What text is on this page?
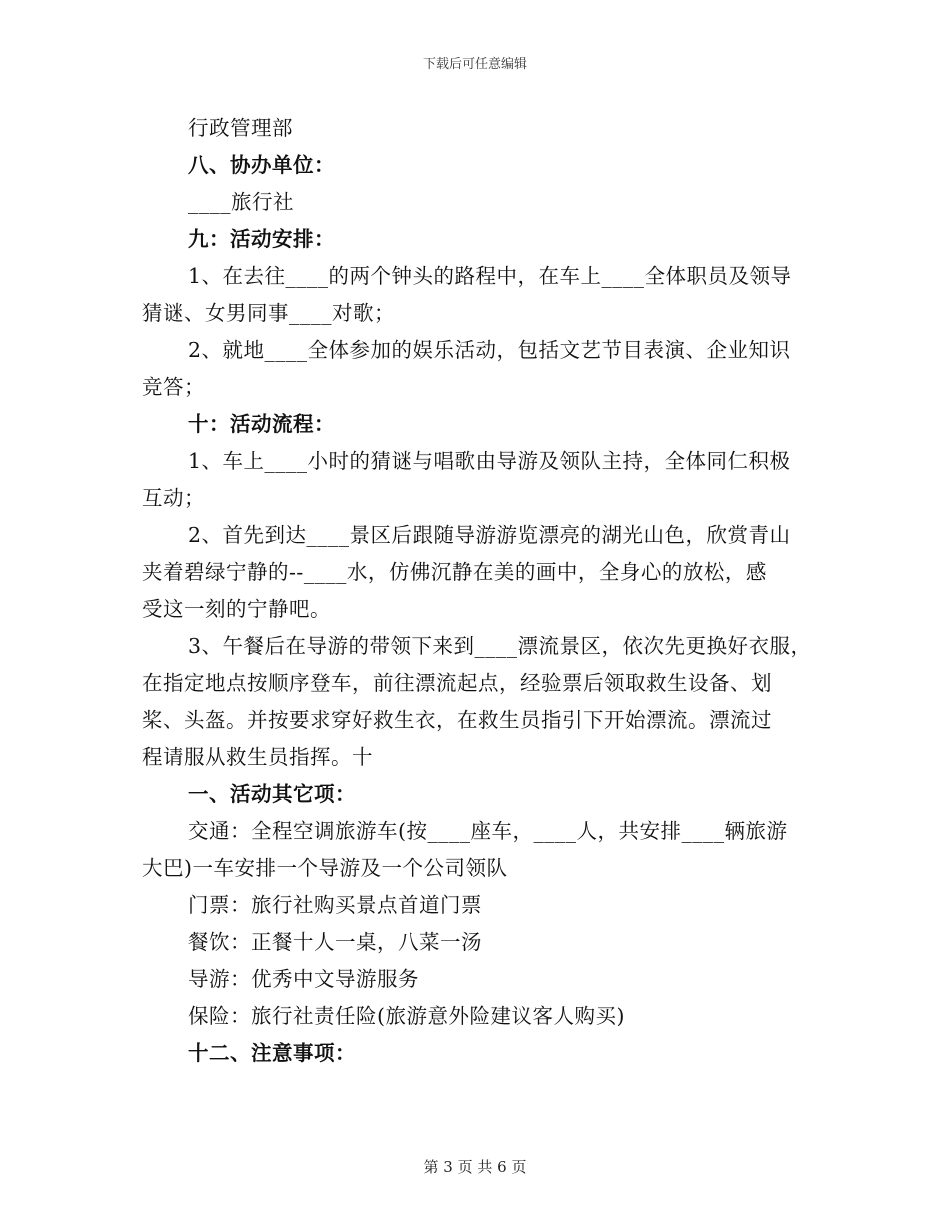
下载后可任意编辑
行政管理部
八、协办单位：
____旅行社
九：活动安排：
1、在去往____的两个钟头的路程中，在车上____全体职员及领导
猜谜、女男同事____对歌；
2、就地____全体参加的娱乐活动，包括文艺节目表演、企业知识
竞答；
十：活动流程：
1、车上____小时的猜谜与唱歌由导游及领队主持，全体同仁积极
互动；
2、首先到达____景区后跟随导游游览漂亮的湖光山色，欣赏青山
夹着碧绿宁静的--____水，仿佛沉静在美的画中，全身心的放松，感
受这一刻的宁静吧。
3、午餐后在导游的带领下来到____漂流景区，依次先更换好衣服，
在指定地点按顺序登车，前往漂流起点，经验票后领取救生设备、划
桨、头盔。并按要求穿好救生衣，在救生员指引下开始漂流。漂流过
程请服从救生员指挥。十
一、活动其它项：
交通：全程空调旅游车(按____座车，____人，共安排____辆旅游
大巴)一车安排一个导游及一个公司领队
门票：旅行社购买景点首道门票
餐饮：正餐十人一桌，八菜一汤
导游：优秀中文导游服务
保险：旅行社责任险(旅游意外险建议客人购买)
十二、注意事项：
第 3 页 共 6 页
